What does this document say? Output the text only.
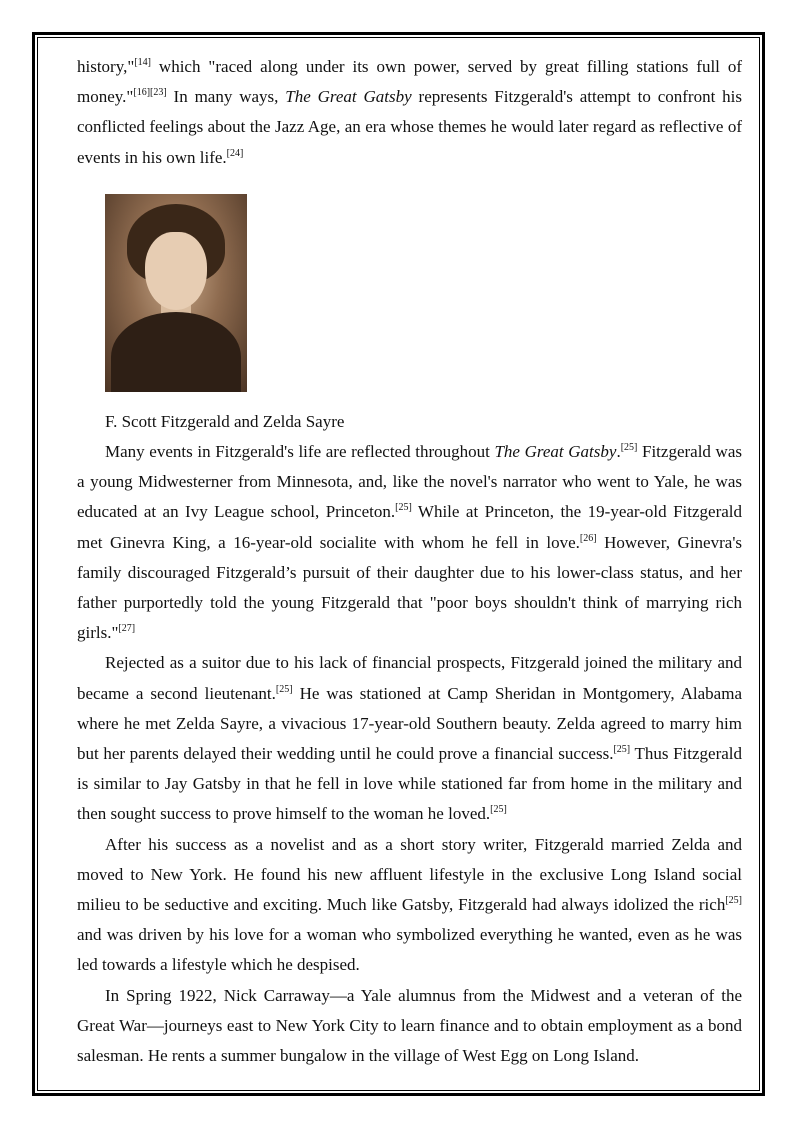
history,"[14] which "raced along under its own power, served by great filling stations full of money."[16][23] In many ways, The Great Gatsby represents Fitzgerald's attempt to confront his conflicted feelings about the Jazz Age, an era whose themes he would later regard as reflective of events in his own life.[24]

F. Scott Fitzgerald and Zelda Sayre

Many events in Fitzgerald's life are reflected throughout The Great Gatsby.[25] Fitzgerald was a young Midwesterner from Minnesota, and, like the novel's narrator who went to Yale, he was educated at an Ivy League school, Princeton.[25] While at Princeton, the 19-year-old Fitzgerald met Ginevra King, a 16-year-old socialite with whom he fell in love.[26] However, Ginevra's family discouraged Fitzgerald’s pursuit of their daughter due to his lower-class status, and her father purportedly told the young Fitzgerald that "poor boys shouldn't think of marrying rich girls."[27]

Rejected as a suitor due to his lack of financial prospects, Fitzgerald joined the military and became a second lieutenant.[25] He was stationed at Camp Sheridan in Montgomery, Alabama where he met Zelda Sayre, a vivacious 17-year-old Southern beauty. Zelda agreed to marry him but her parents delayed their wedding until he could prove a financial success.[25] Thus Fitzgerald is similar to Jay Gatsby in that he fell in love while stationed far from home in the military and then sought success to prove himself to the woman he loved.[25]

After his success as a novelist and as a short story writer, Fitzgerald married Zelda and moved to New York. He found his new affluent lifestyle in the exclusive Long Island social milieu to be seductive and exciting. Much like Gatsby, Fitzgerald had always idolized the rich[25] and was driven by his love for a woman who symbolized everything he wanted, even as he was led towards a lifestyle which he despised.

In Spring 1922, Nick Carraway—a Yale alumnus from the Midwest and a veteran of the Great War—journeys east to New York City to learn finance and to obtain employment as a bond salesman. He rents a summer bungalow in the village of West Egg on Long Island.
